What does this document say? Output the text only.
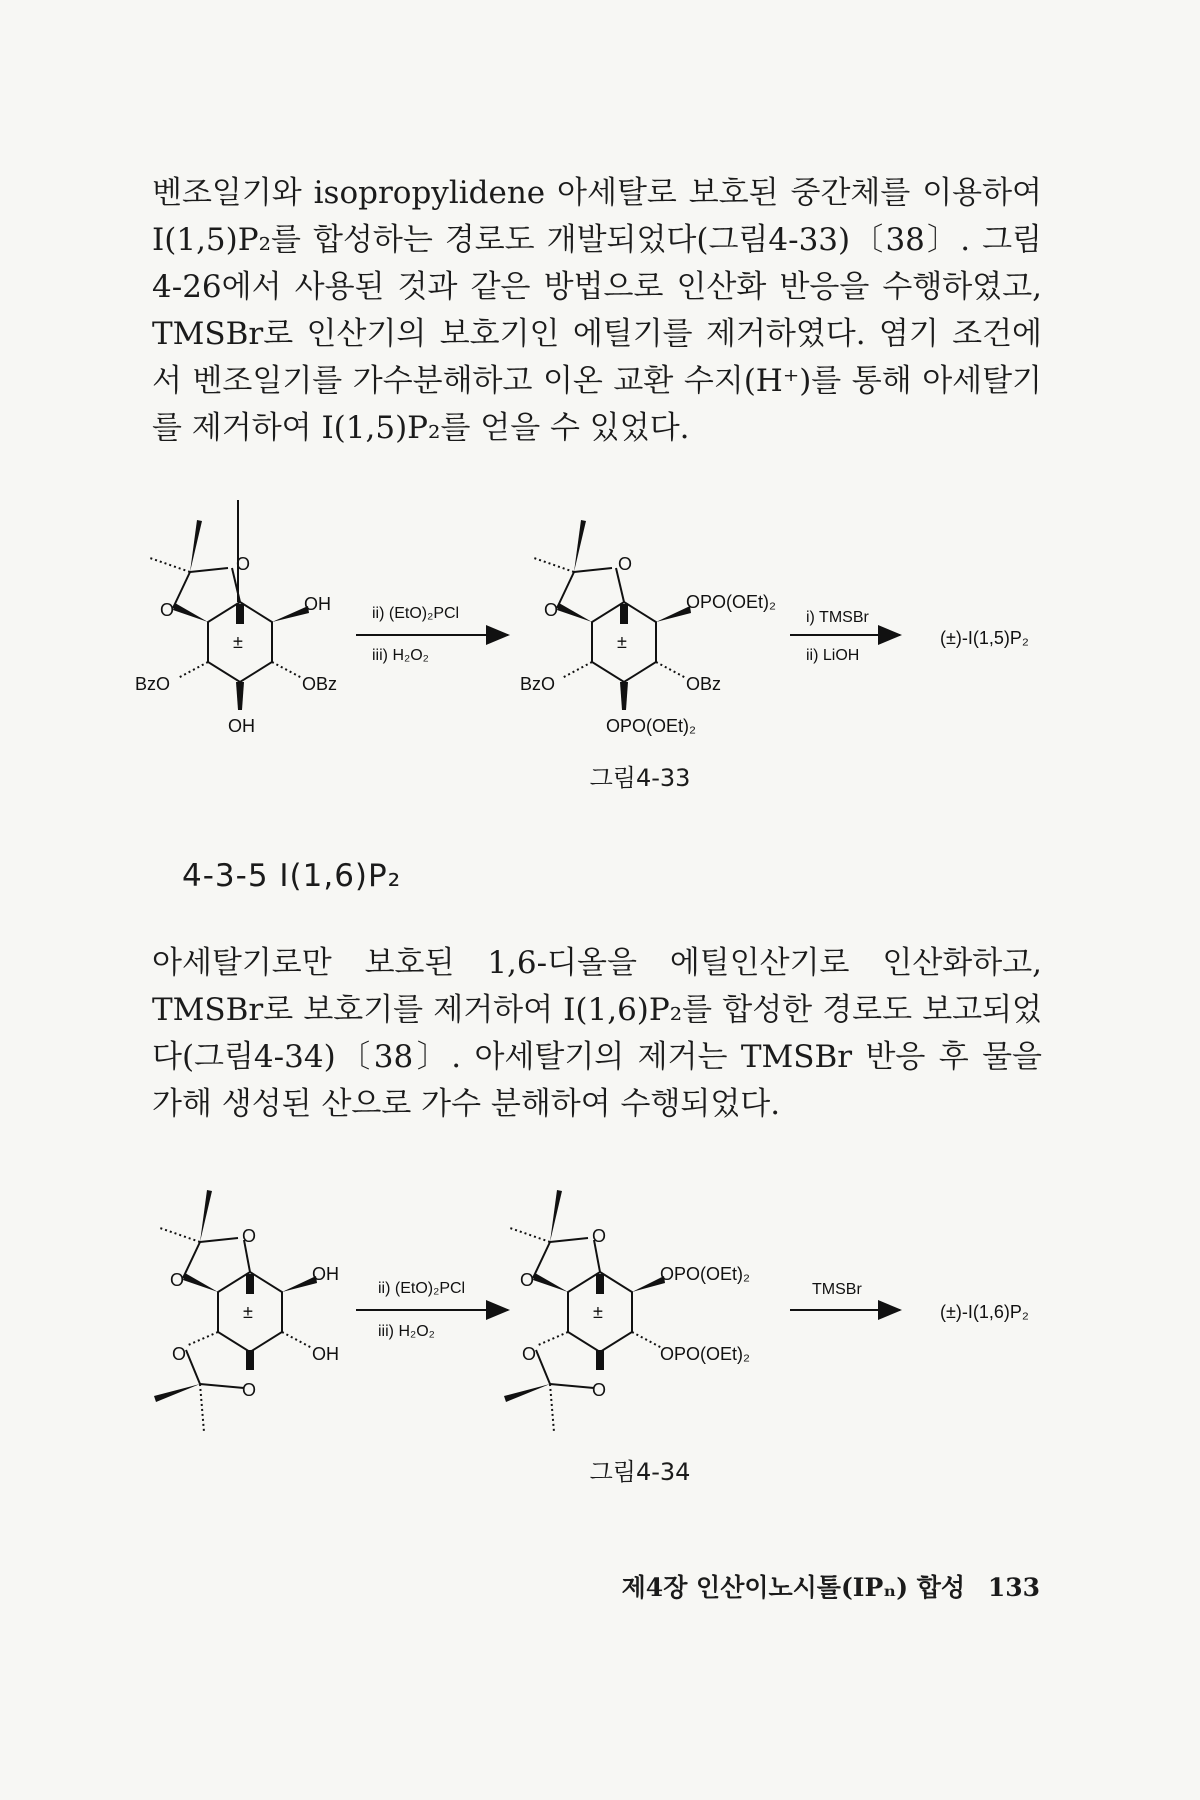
벤조일기와 isopropylidene 아세탈로 보호된 중간체를 이용하여 I(1,5)P₂를 합성하는 경로도 개발되었다(그림4-33)〔38〕. 그림4-26에서 사용된 것과 같은 방법으로 인산화 반응을 수행하였고, TMSBr로 인산기의 보호기인 에틸기를 제거하였다. 염기 조건에서 벤조일기를 가수분해하고 이온 교환 수지(H⁺)를 통해 아세탈기를 제거하여 I(1,5)P₂를 얻을 수 있었다.

O
O	OH
±
BzO	OBz
OH
ii) (EtO)₂PCl
iii) H₂O₂
O
O	OPO(OEt)₂
±
BzO	OBz
OPO(OEt)₂
i) TMSBr
ii) LiOH
(±)-I(1,5)P₂
그림4-33
4-3-5 I(1,6)P₂

아세탈기로만 보호된 1,6-디올을 에틸인산기로 인산화하고, TMSBr로 보호기를 제거하여 I(1,6)P₂를 합성한 경로도 보고되었다(그림4-34)〔38〕. 아세탈기의 제거는 TMSBr 반응 후 물을 가해 생성된 산으로 가수 분해하여 수행되었다.

O
O	OH
±
OH
O
O
ii) (EtO)₂PCl
iii) H₂O₂
O
O	OPO(OEt)₂
±
OPO(OEt)₂
O
O
TMSBr
(±)-I(1,6)P₂
그림4-34
제4장 인산이노시톨(IPₙ) 합성 133
